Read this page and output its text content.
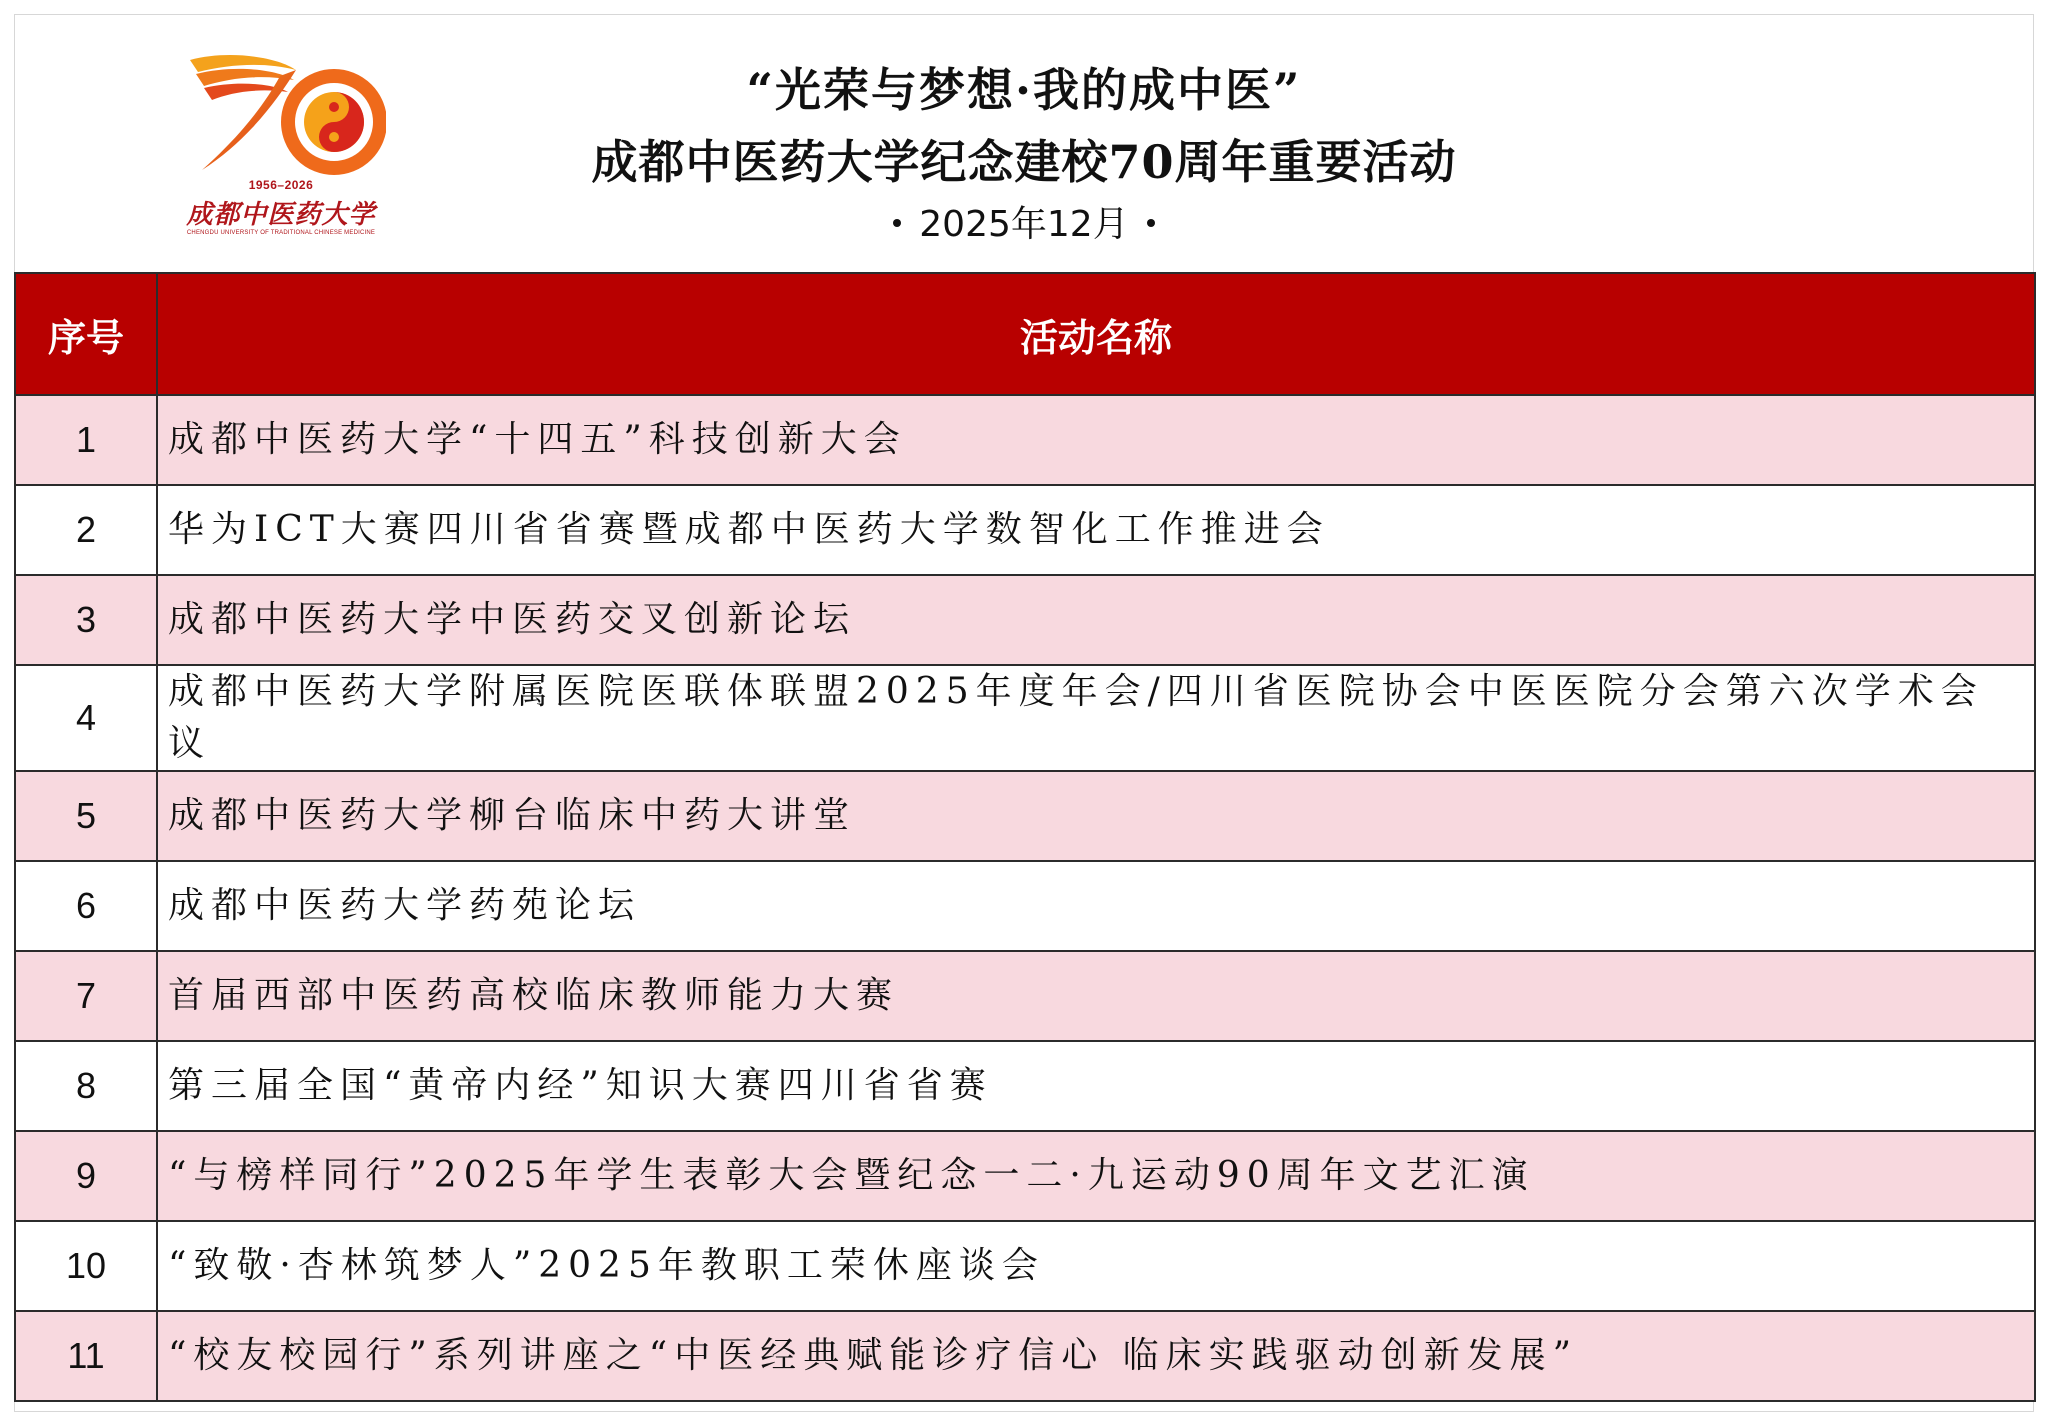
1956–2026
成都中医药大学
CHENGDU UNIVERSITY OF TRADITIONAL CHINESE MEDICINE
“光荣与梦想·我的成中医”
成都中医药大学纪念建校70周年重要活动
2025年12月
序号	活动名称
1	成都中医药大学“十四五”科技创新大会
2	华为ICT大赛四川省省赛暨成都中医药大学数智化工作推进会
3	成都中医药大学中医药交叉创新论坛
4	成都中医药大学附属医院医联体联盟2025年度年会/四川省医院协会中医医院分会第六次学术会议
5	成都中医药大学柳台临床中药大讲堂
6	成都中医药大学药苑论坛
7	首届西部中医药高校临床教师能力大赛
8	第三届全国“黄帝内经”知识大赛四川省省赛
9	“与榜样同行”2025年学生表彰大会暨纪念一二·九运动90周年文艺汇演
10	“致敬·杏林筑梦人”2025年教职工荣休座谈会
11	“校友校园行”系列讲座之“中医经典赋能诊疗信心 临床实践驱动创新发展”
